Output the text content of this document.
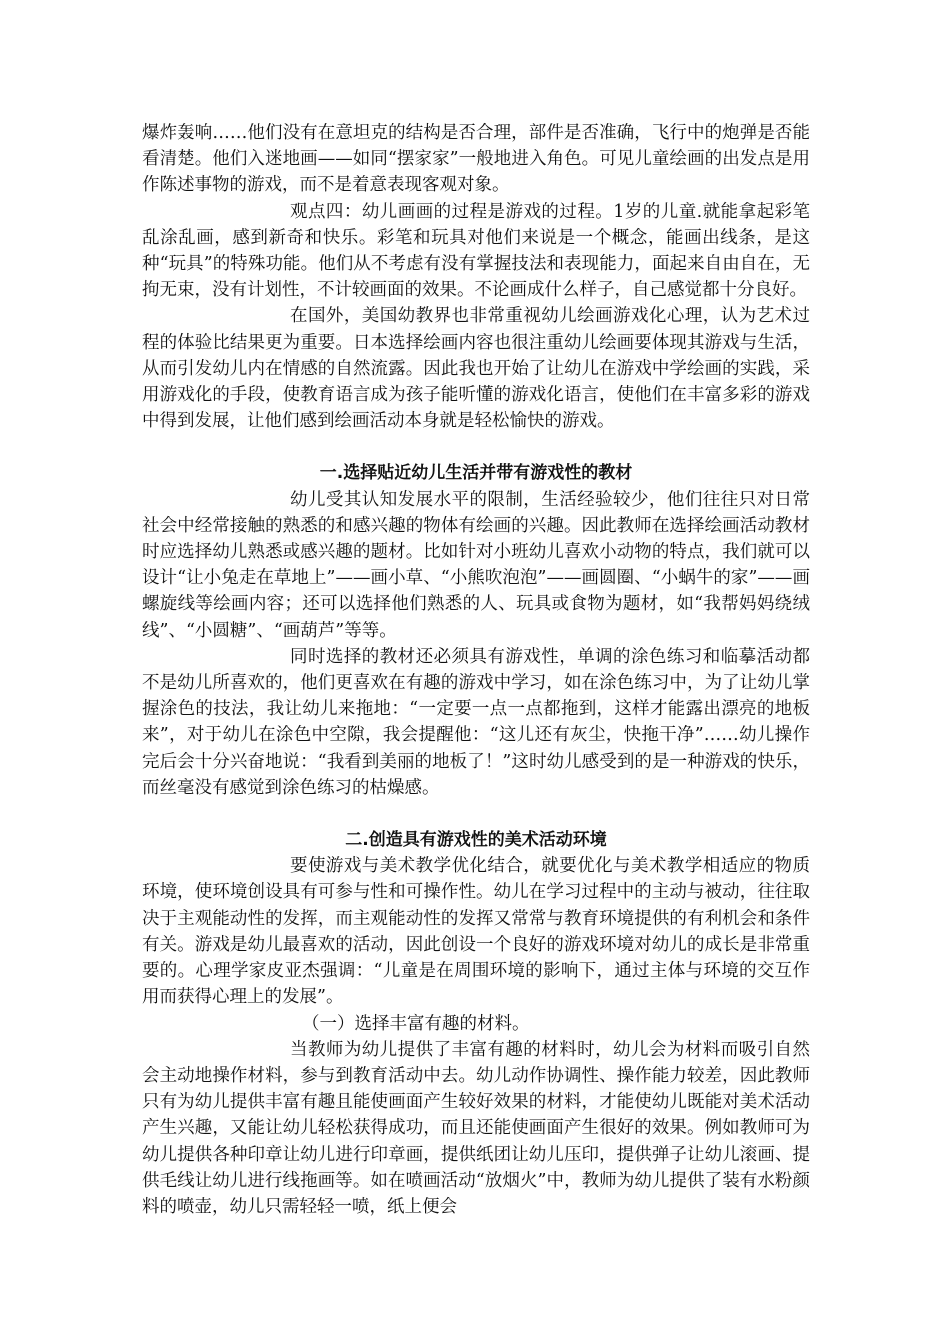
爆炸轰响……他们没有在意坦克的结构是否合理，部件是否准确，飞行中的炮弹是否能看清楚。他们入迷地画——如同“摆家家”一般地进入角色。可见儿童绘画的出发点是用作陈述事物的游戏，而不是着意表现客观对象。

观点四：幼儿画画的过程是游戏的过程。1岁的儿童.就能拿起彩笔乱涂乱画，感到新奇和快乐。彩笔和玩具对他们来说是一个概念，能画出线条，是这种“玩具”的特殊功能。他们从不考虑有没有掌握技法和表现能力，面起来自由自在，无拘无束，没有计划性，不计较画面的效果。不论画成什么样子，自己感觉都十分良好。

在国外，美国幼教界也非常重视幼儿绘画游戏化心理，认为艺术过程的体验比结果更为重要。日本选择绘画内容也很注重幼儿绘画要体现其游戏与生活，从而引发幼儿内在情感的自然流露。因此我也开始了让幼儿在游戏中学绘画的实践，采用游戏化的手段，使教育语言成为孩子能听懂的游戏化语言，使他们在丰富多彩的游戏中得到发展，让他们感到绘画活动本身就是轻松愉快的游戏。

一.选择贴近幼儿生活并带有游戏性的教材

幼儿受其认知发展水平的限制，生活经验较少，他们往往只对日常社会中经常接触的熟悉的和感兴趣的物体有绘画的兴趣。因此教师在选择绘画活动教材时应选择幼儿熟悉或感兴趣的题材。比如针对小班幼儿喜欢小动物的特点，我们就可以设计“让小兔走在草地上”——画小草、“小熊吹泡泡”——画圆圈、“小蜗牛的家”——画螺旋线等绘画内容；还可以选择他们熟悉的人、玩具或食物为题材，如“我帮妈妈绕绒线”、“小圆糖”、“画葫芦”等等。

同时选择的教材还必须具有游戏性，单调的涂色练习和临摹活动都不是幼儿所喜欢的，他们更喜欢在有趣的游戏中学习，如在涂色练习中，为了让幼儿掌握涂色的技法，我让幼儿来拖地：“一定要一点一点都拖到，这样才能露出漂亮的地板来”，对于幼儿在涂色中空隙，我会提醒他：“这儿还有灰尘，快拖干净”……幼儿操作完后会十分兴奋地说：“我看到美丽的地板了！”这时幼儿感受到的是一种游戏的快乐，而丝毫没有感觉到涂色练习的枯燥感。

二.创造具有游戏性的美术活动环境

要使游戏与美术教学优化结合，就要优化与美术教学相适应的物质环境，使环境创设具有可参与性和可操作性。幼儿在学习过程中的主动与被动，往往取决于主观能动性的发挥，而主观能动性的发挥又常常与教育环境提供的有利机会和条件有关。游戏是幼儿最喜欢的活动，因此创设一个良好的游戏环境对幼儿的成长是非常重要的。心理学家皮亚杰强调：“儿童是在周围环境的影响下，通过主体与环境的交互作用而获得心理上的发展”。

（一）选择丰富有趣的材料。

当教师为幼儿提供了丰富有趣的材料时，幼儿会为材料而吸引自然会主动地操作材料，参与到教育活动中去。幼儿动作协调性、操作能力较差，因此教师只有为幼儿提供丰富有趣且能使画面产生较好效果的材料，才能使幼儿既能对美术活动产生兴趣，又能让幼儿轻松获得成功，而且还能使画面产生很好的效果。例如教师可为幼儿提供各种印章让幼儿进行印章画，提供纸团让幼儿压印，提供弹子让幼儿滚画、提供毛线让幼儿进行线拖画等。如在喷画活动“放烟火”中，教师为幼儿提供了装有水粉颜料的喷壶，幼儿只需轻轻一喷，纸上便会
